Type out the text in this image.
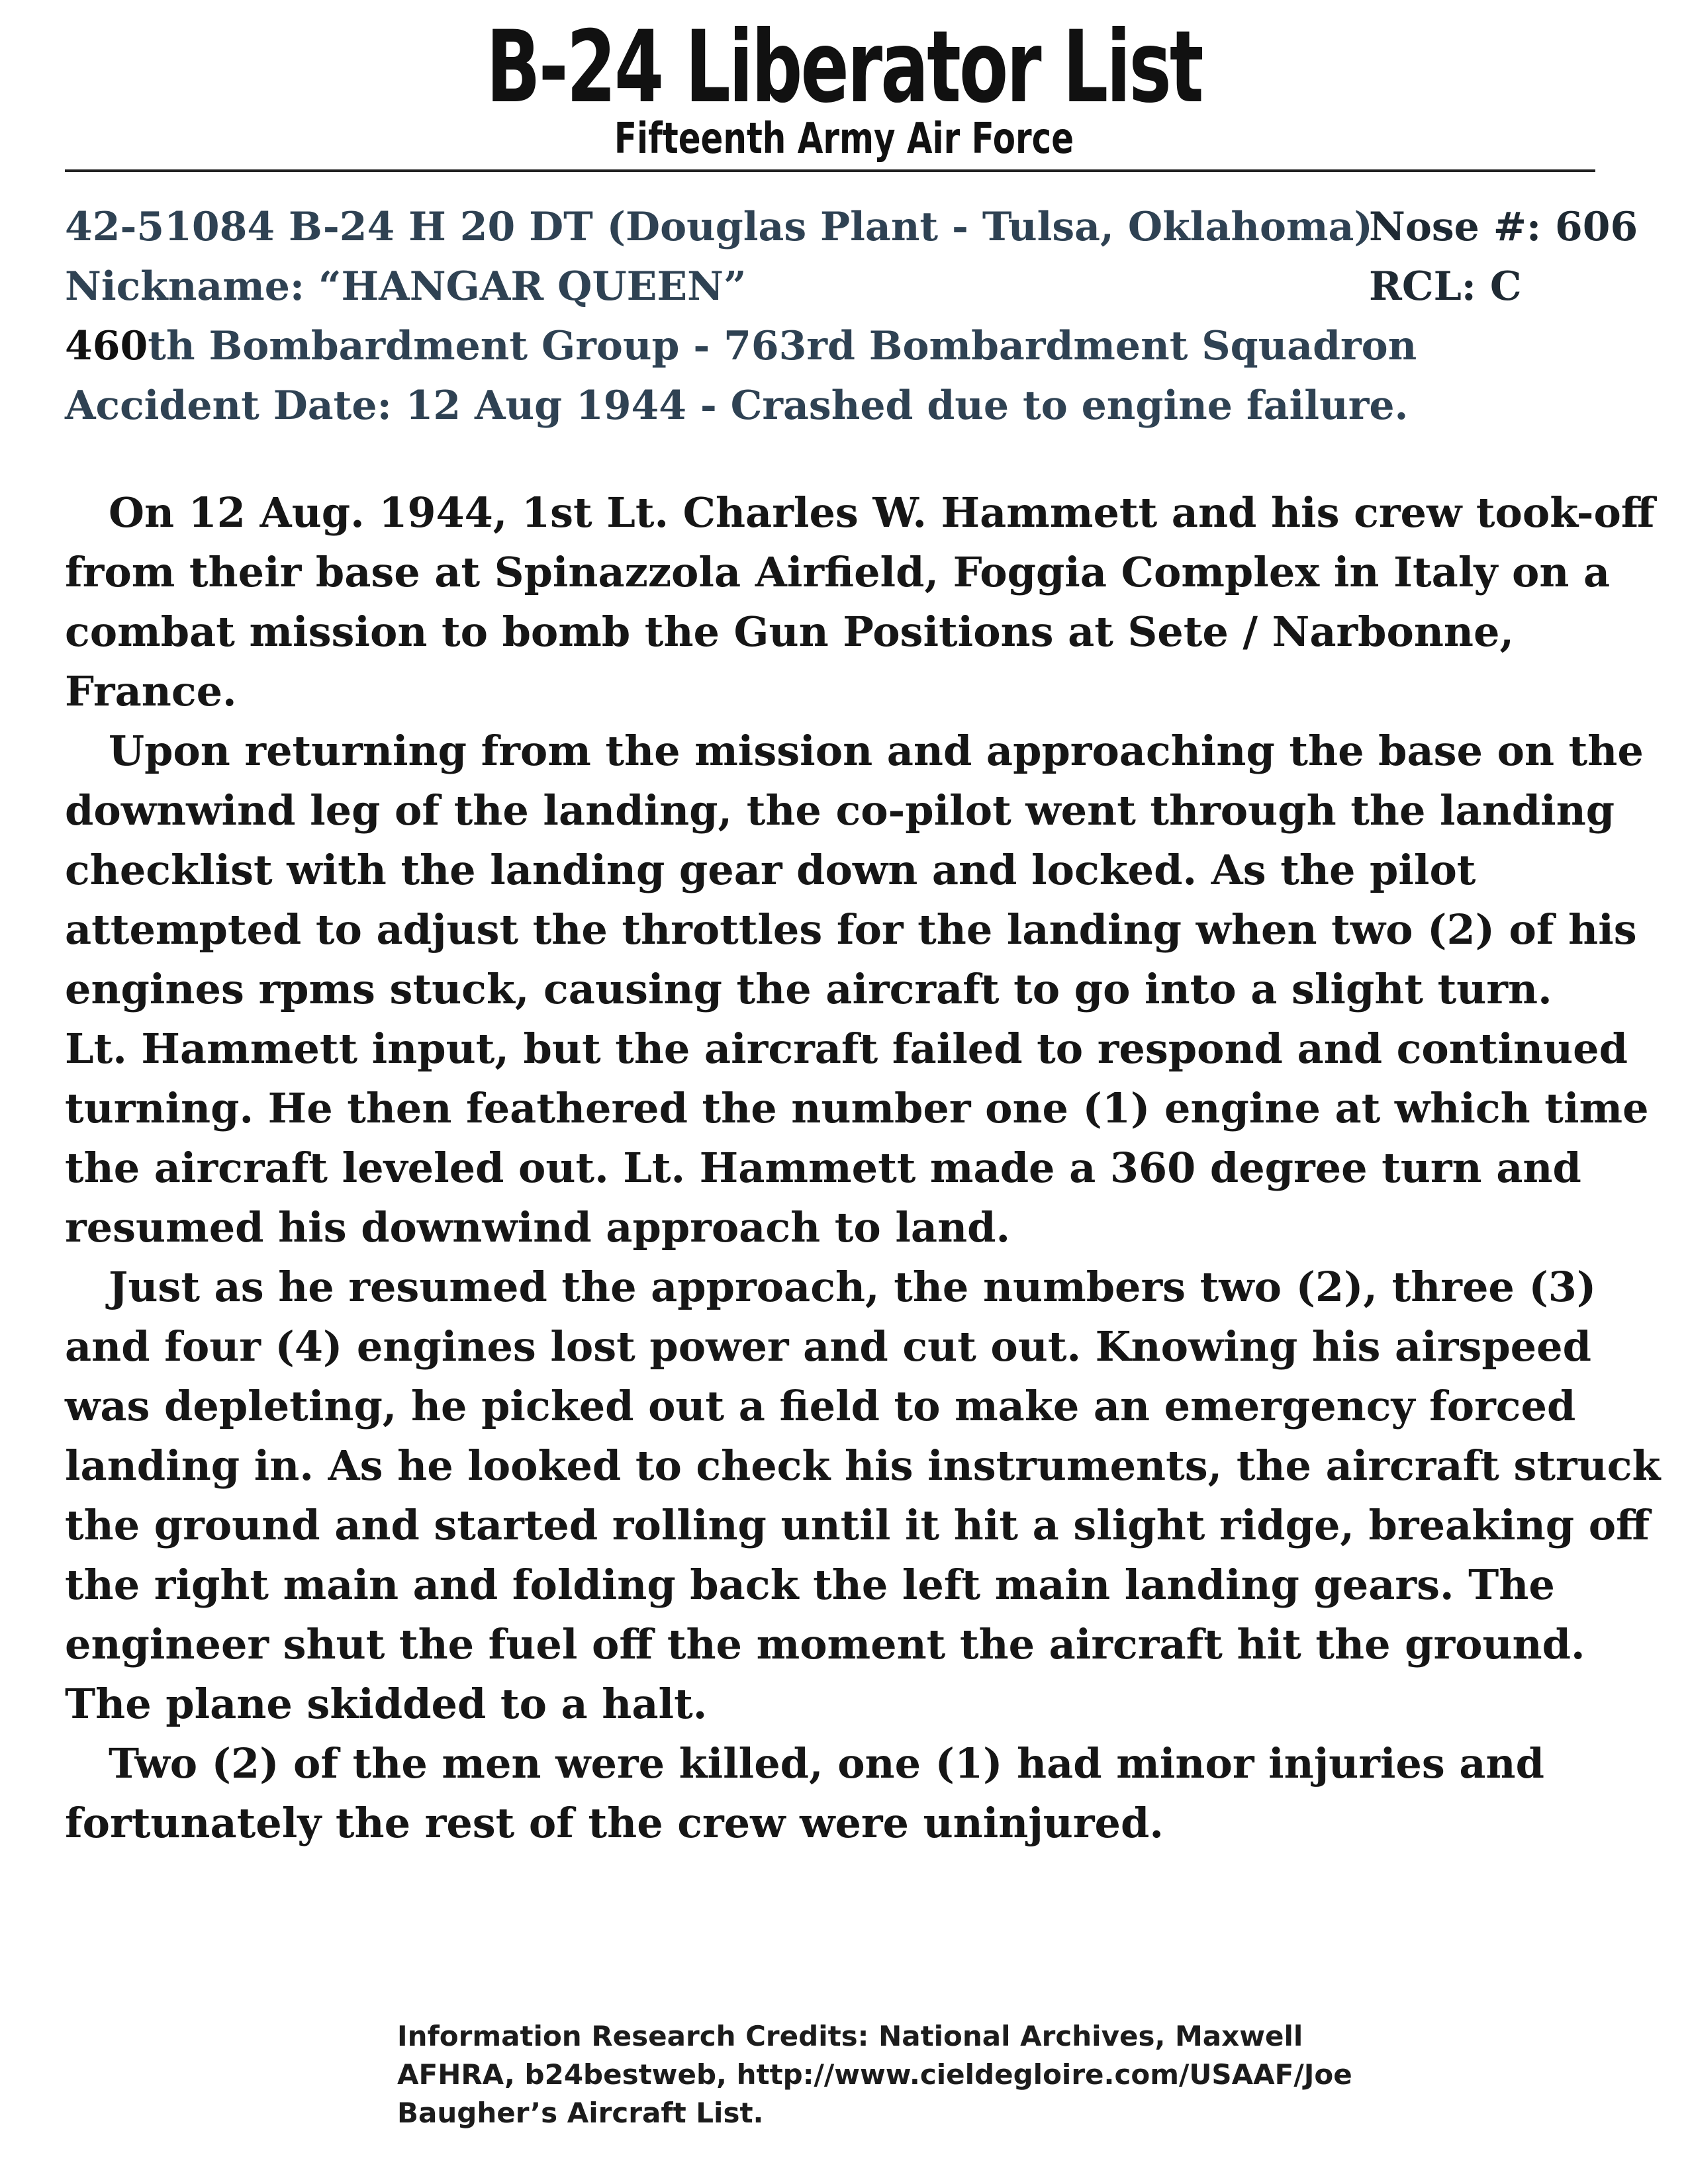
B-24 Liberator List
Fifteenth Army Air Force
42-51084 B-24 H 20 DT (Douglas Plant - Tulsa, Oklahoma)
Nose #: 606
Nickname: “HANGAR QUEEN”	RCL: C
460th Bombardment Group - 763rd Bombardment Squadron
Accident Date: 12 Aug 1944 - Crashed due to engine failure.

On 12 Aug. 1944, 1st Lt. Charles W. Hammett and his crew took-off from their base at Spinazzola Airfield, Foggia Complex in Italy on a combat mission to bomb the Gun Positions at Sete / Narbonne, France.

Upon returning from the mission and approaching the base on the downwind leg of the landing, the co-pilot went through the landing checklist with the landing gear down and locked. As the pilot attempted to adjust the throttles for the landing when two (2) of his engines rpms stuck, causing the aircraft to go into a slight turn.

Lt. Hammett input, but the aircraft failed to respond and continued turning. He then feathered the number one (1) engine at which time the aircraft leveled out. Lt. Hammett made a 360 degree turn and resumed his downwind approach to land.

Just as he resumed the approach, the numbers two (2), three (3) and four (4) engines lost power and cut out. Knowing his airspeed was depleting, he picked out a field to make an emergency forced landing in. As he looked to check his instruments, the aircraft struck the ground and started rolling until it hit a slight ridge, breaking off the right main and folding back the left main landing gears. The engineer shut the fuel off the moment the aircraft hit the ground. The plane skidded to a halt.

Two (2) of the men were killed, one (1) had minor injuries and fortunately the rest of the crew were uninjured.

Information Research Credits: National Archives, Maxwell AFHRA, b24bestweb, http://www.cieldegloire.com/USAAF/Joe Baugher’s Aircraft List.
